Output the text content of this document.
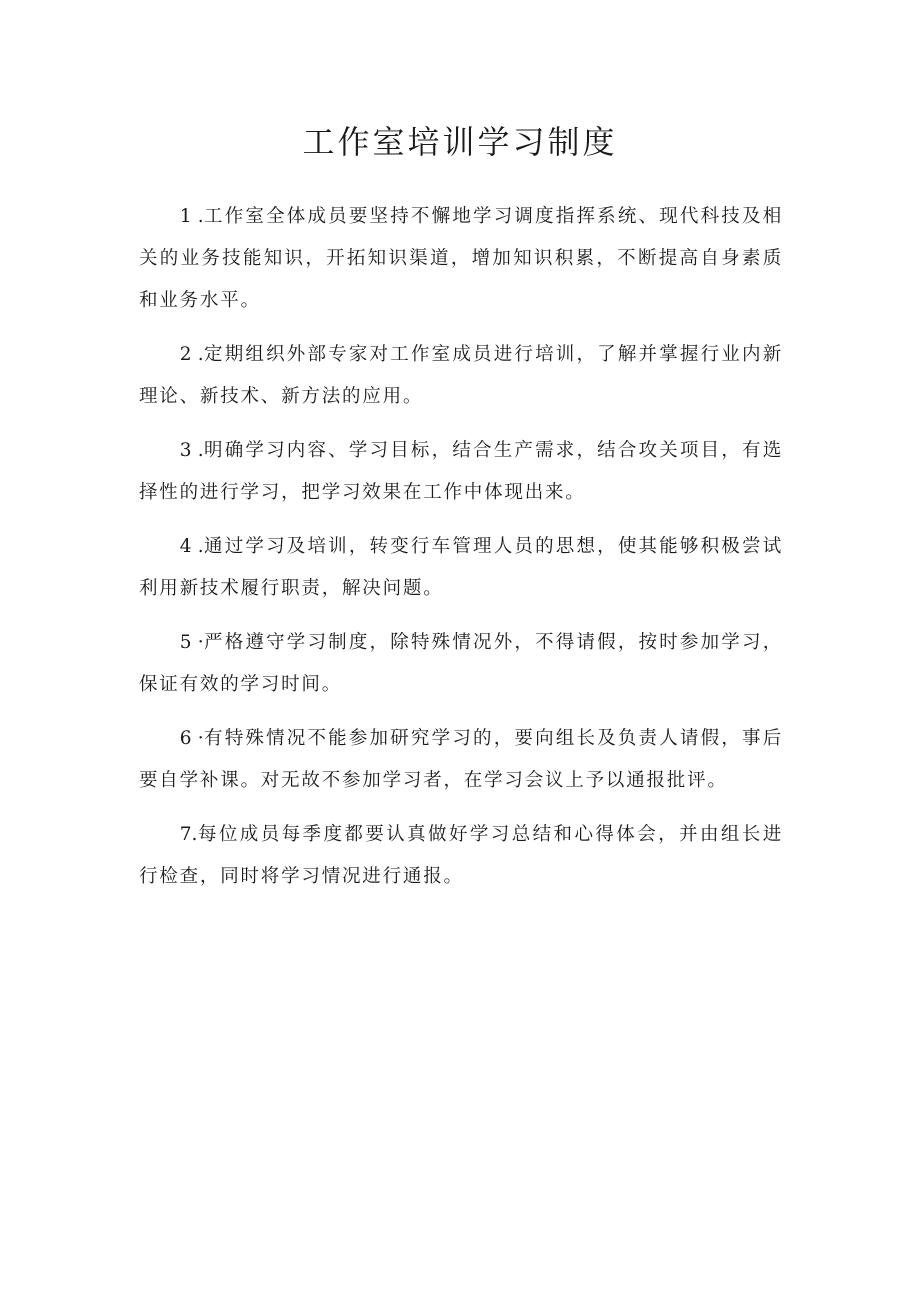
工作室培训学习制度

1 .工作室全体成员要坚持不懈地学习调度指挥系统、现代科技及相关的业务技能知识，开拓知识渠道，增加知识积累，不断提高自身素质和业务水平。

2 .定期组织外部专家对工作室成员进行培训，了解并掌握行业内新理论、新技术、新方法的应用。

3 .明确学习内容、学习目标，结合生产需求，结合攻关项目，有选择性的进行学习，把学习效果在工作中体现出来。

4 .通过学习及培训，转变行车管理人员的思想，使其能够积极尝试利用新技术履行职责，解决问题。

5 ·严格遵守学习制度，除特殊情况外，不得请假，按时参加学习，保证有效的学习时间。

6 ·有特殊情况不能参加研究学习的，要向组长及负责人请假，事后要自学补课。对无故不参加学习者，在学习会议上予以通报批评。

7.每位成员每季度都要认真做好学习总结和心得体会，并由组长进行检查，同时将学习情况进行通报。
